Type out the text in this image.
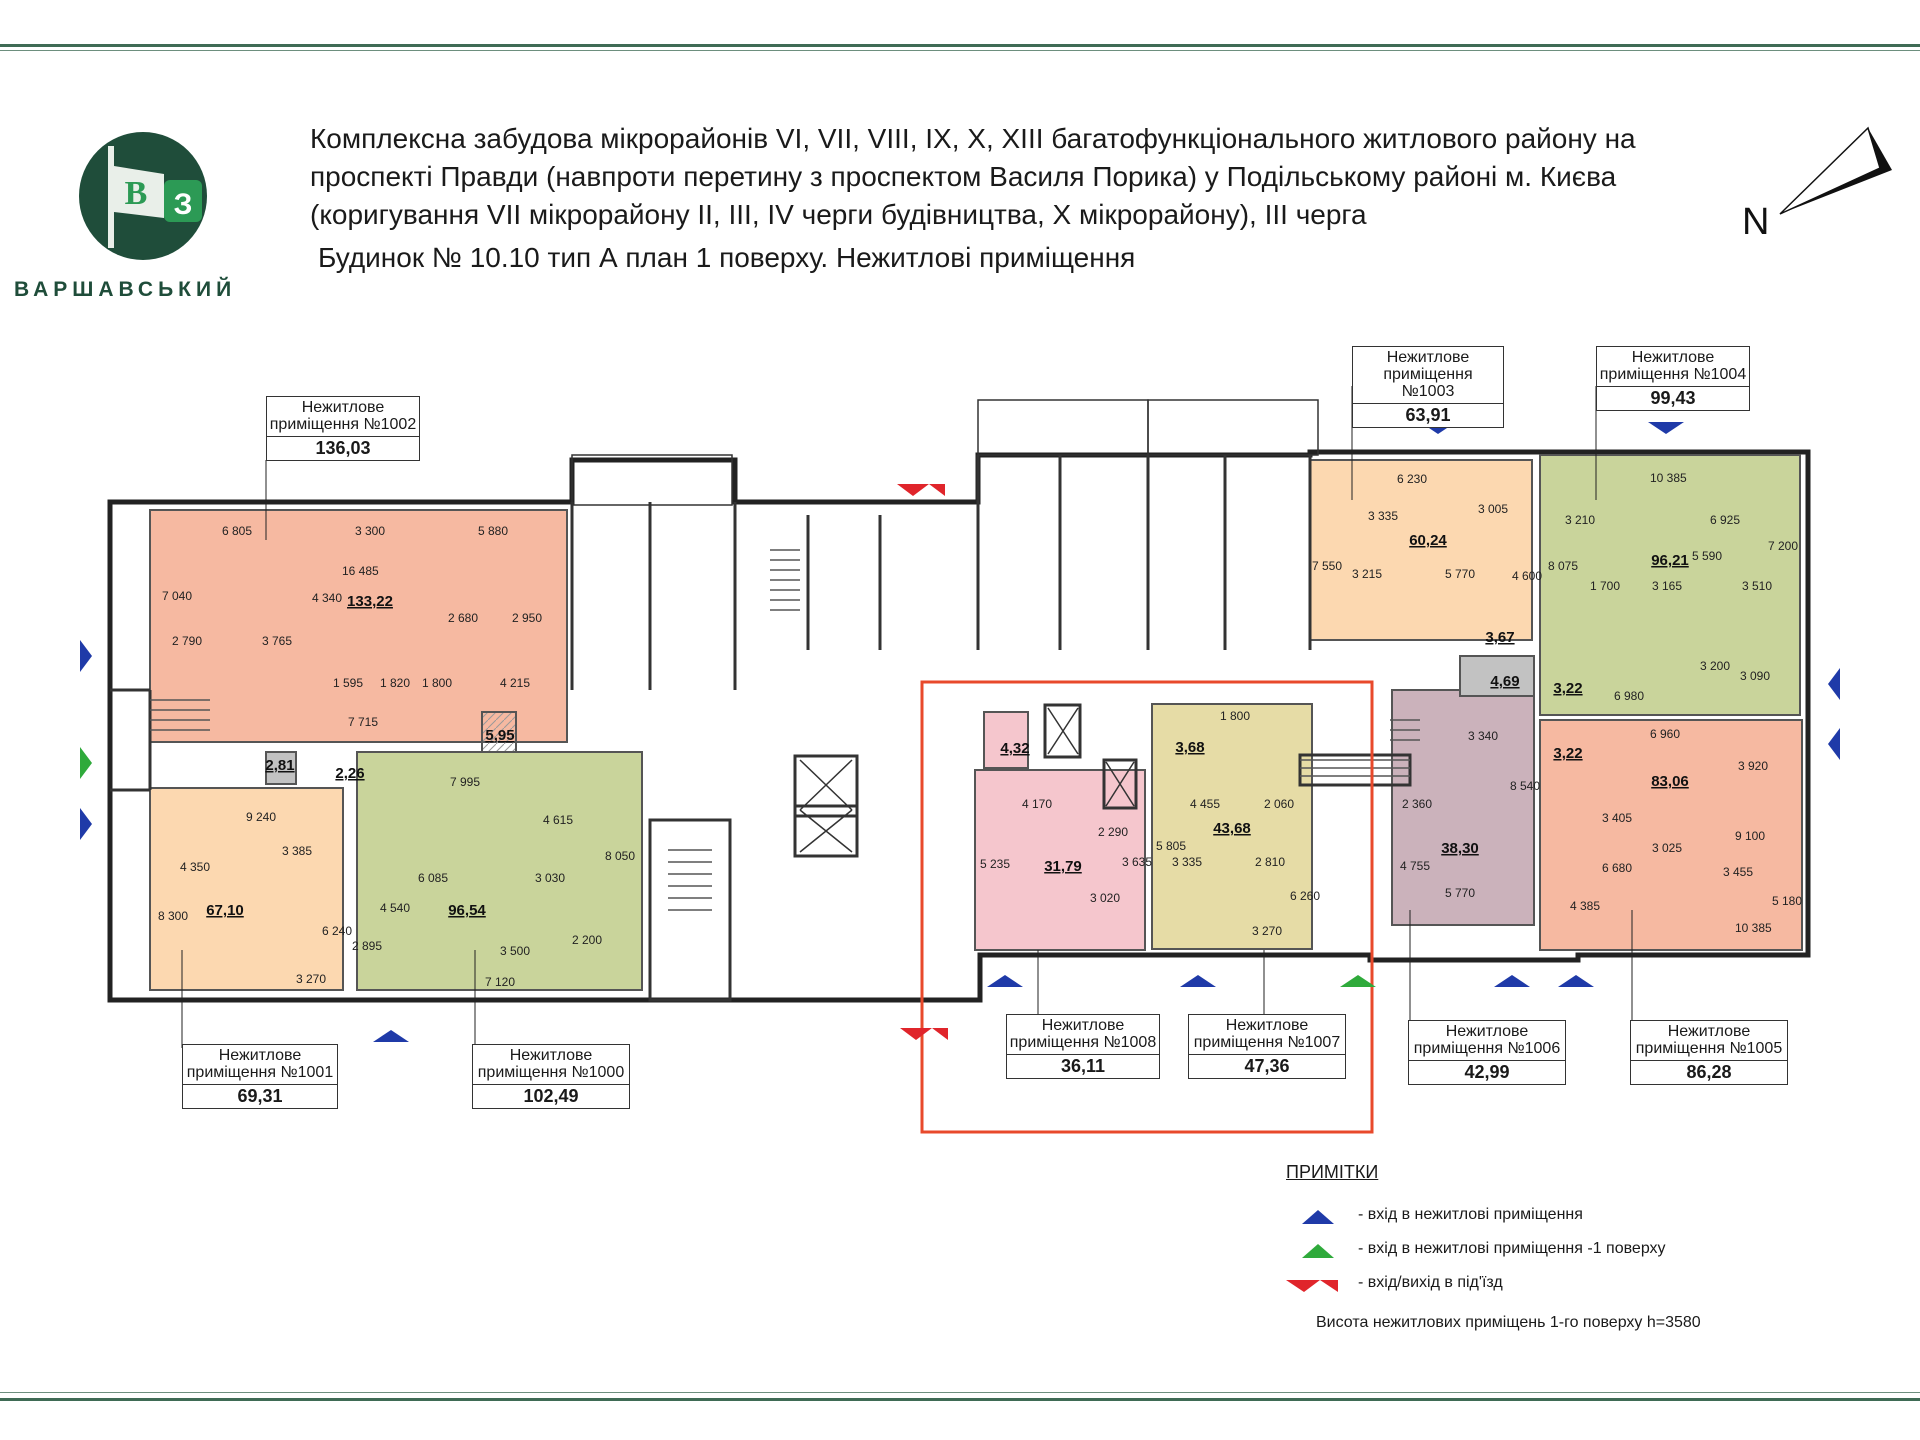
В З
ВАРШАВСЬКИЙ
Комплексна забудова мікрорайонів VI, VII, VIII, IX, X, XIII багатофункціонального житлового району на
проспекті Правди (навпроти перетину з проспектом Василя Порика) у Подільському районі м. Києва
(коригування VII мікрорайону II, III, IV черги будівництва, X мікрорайону), III черга
Будинок № 10.10 тип А план 1 поверху. Нежитлові приміщення
N
133,22
5,95
2,81	2,26
67,10	96,54
60,24
3,67
96,21
4,69 3,22
3,22
83,06
38,30
43,68
3,68
31,79
4,32
6 805	3 300	5 880
16 485
7 040	4 340
2 680	2 950
2 790	3 765
1 595 1 820 1 800	4 215
7 715
9 240
4 350
8 300
3 385
6 240
3 270
7 995
4 615
6 085	3 030
4 540
3 500
2 200
2 895
7 120
8 050
6 230
3 005
3 335
7 550
3 215	5 770	4 600
10 385
3 210	6 925
8 075
5 590
1 700	3 165	3 510
7 200
6 980
3 200
3 090
6 960
3 405
3 025
9 100
6 680	3 455
10 385
4 385	5 180
3 920
2 360
4 755
5 770
8 540
3 340
4 455	2 060
5 805
3 335	2 810
6 260
3 270
4 170
2 290
5 235	3 635
3 020
1 800
Нежитлове приміщення №1002
136,03
Нежитлове приміщення №1003
63,91
Нежитлове приміщення №1004
99,43
Нежитлове приміщення №1001
69,31
Нежитлове приміщення №1000
102,49
Нежитлове приміщення №1008
36,11
Нежитлове приміщення №1007
47,36
Нежитлове приміщення №1006
42,99
Нежитлове приміщення №1005
86,28
ПРИМІТКИ
- вхід в нежитлові приміщення
- вхід в нежитлові приміщення -1 поверху
- вхід/вихід в під'їзд
Висота нежитлових приміщень 1-го поверху h=3580
